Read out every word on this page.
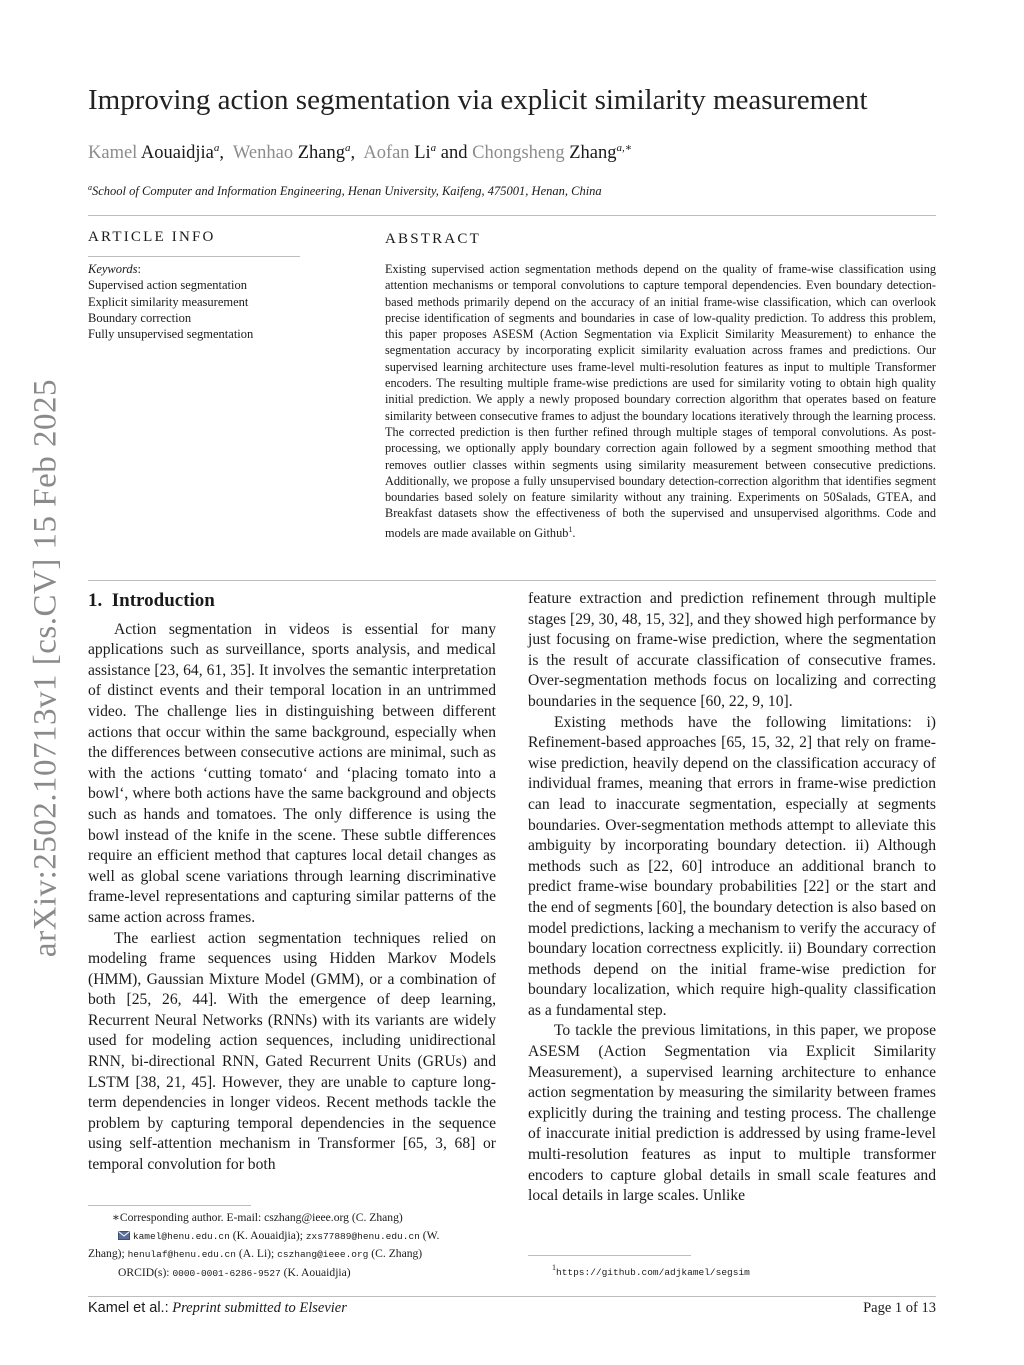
arXiv:2502.10713v1 [cs.CV] 15 Feb 2025
Improving action segmentation via explicit similarity measurement
Kamel Aouaidjia$^a$,  Wenhao Zhang$^a$,  Aofan Li$^a$ and Chongsheng Zhang$^{a,∗}$
$^a$School of Computer and Information Engineering, Henan University, Kaifeng, 475001, Henan, China
ARTICLE INFO
Keywords:
Supervised action segmentation
Explicit similarity measurement
Boundary correction
Fully unsupervised segmentation
ABSTRACT
Existing supervised action segmentation methods depend on the quality of frame-wise classification using attention mechanisms or temporal convolutions to capture temporal dependencies. Even boundary detection-based methods primarily depend on the accuracy of an initial frame-wise classification, which can overlook precise identification of segments and boundaries in case of low-quality prediction. To address this problem, this paper proposes ASESM (Action Segmentation via Explicit Similarity Measurement) to enhance the segmentation accuracy by incorporating explicit similarity evaluation across frames and predictions. Our supervised learning architecture uses frame-level multi-resolution features as input to multiple Transformer encoders. The resulting multiple frame-wise predictions are used for similarity voting to obtain high quality initial prediction. We apply a newly proposed boundary correction algorithm that operates based on feature similarity between consecutive frames to adjust the boundary locations iteratively through the learning process. The corrected prediction is then further refined through multiple stages of temporal convolutions. As post-processing, we optionally apply boundary correction again followed by a segment smoothing method that removes outlier classes within segments using similarity measurement between consecutive predictions. Additionally, we propose a fully unsupervised boundary detection-correction algorithm that identifies segment boundaries based solely on feature similarity without any training. Experiments on 50Salads, GTEA, and Breakfast datasets show the effectiveness of both the supervised and unsupervised algorithms. Code and models are made available on Github$^1$.
1. Introduction

Action segmentation in videos is essential for many applications such as surveillance, sports analysis, and medical assistance [23, 64, 61, 35]. It involves the semantic interpretation of distinct events and their temporal location in an untrimmed video. The challenge lies in distinguishing between different actions that occur within the same background, especially when the differences between consecutive actions are minimal, such as with the actions ‘cutting tomato‘ and ‘placing tomato into a bowl‘, where both actions have the same background and objects such as hands and tomatoes. The only difference is using the bowl instead of the knife in the scene. These subtle differences require an efficient method that captures local detail changes as well as global scene variations through learning discriminative frame-level representations and capturing similar patterns of the same action across frames.

The earliest action segmentation techniques relied on modeling frame sequences using Hidden Markov Models (HMM), Gaussian Mixture Model (GMM), or a combination of both [25, 26, 44]. With the emergence of deep learning, Recurrent Neural Networks (RNNs) with its variants are widely used for modeling action sequences, including unidirectional RNN, bi-directional RNN, Gated Recurrent Units (GRUs) and LSTM [38, 21, 45]. However, they are unable to capture long-term dependencies in longer videos. Recent methods tackle the problem by capturing temporal dependencies in the sequence using self-attention mechanism in Transformer [65, 3, 68] or temporal convolution for both

∗Corresponding author. E-mail: cszhang@ieee.org (C. Zhang)
kamel@henu.edu.cn (K. Aouaidjia); zxs77889@henu.edu.cn (W.
Zhang); henulaf@henu.edu.cn (A. Li); cszhang@ieee.org (C. Zhang)
ORCID(s): 0000-0001-6286-9527 (K. Aouaidjia)

feature extraction and prediction refinement through multiple stages [29, 30, 48, 15, 32], and they showed high performance by just focusing on frame-wise prediction, where the segmentation is the result of accurate classification of consecutive frames. Over-segmentation methods focus on localizing and correcting boundaries in the sequence [60, 22, 9, 10].

Existing methods have the following limitations: i) Refinement-based approaches [65, 15, 32, 2] that rely on frame-wise prediction, heavily depend on the classification accuracy of individual frames, meaning that errors in frame-wise prediction can lead to inaccurate segmentation, especially at segments boundaries. Over-segmentation methods attempt to alleviate this ambiguity by incorporating boundary detection. ii) Although methods such as [22, 60] introduce an additional branch to predict frame-wise boundary probabilities [22] or the start and the end of segments [60], the boundary detection is also based on model predictions, lacking a mechanism to verify the accuracy of boundary location correctness explicitly. ii) Boundary correction methods depend on the initial frame-wise prediction for boundary localization, which require high-quality classification as a fundamental step.

To tackle the previous limitations, in this paper, we propose ASESM (Action Segmentation via Explicit Similarity Measurement), a supervised learning architecture to enhance action segmentation by measuring the similarity between frames explicitly during the training and testing process. The challenge of inaccurate initial prediction is addressed by using frame-level multi-resolution features as input to multiple transformer encoders to capture global details in small scale features and local details in large scales. Unlike

$^1$https://github.com/adjkamel/segsim
Kamel et al.: Preprint submitted to Elsevier	Page 1 of 13
